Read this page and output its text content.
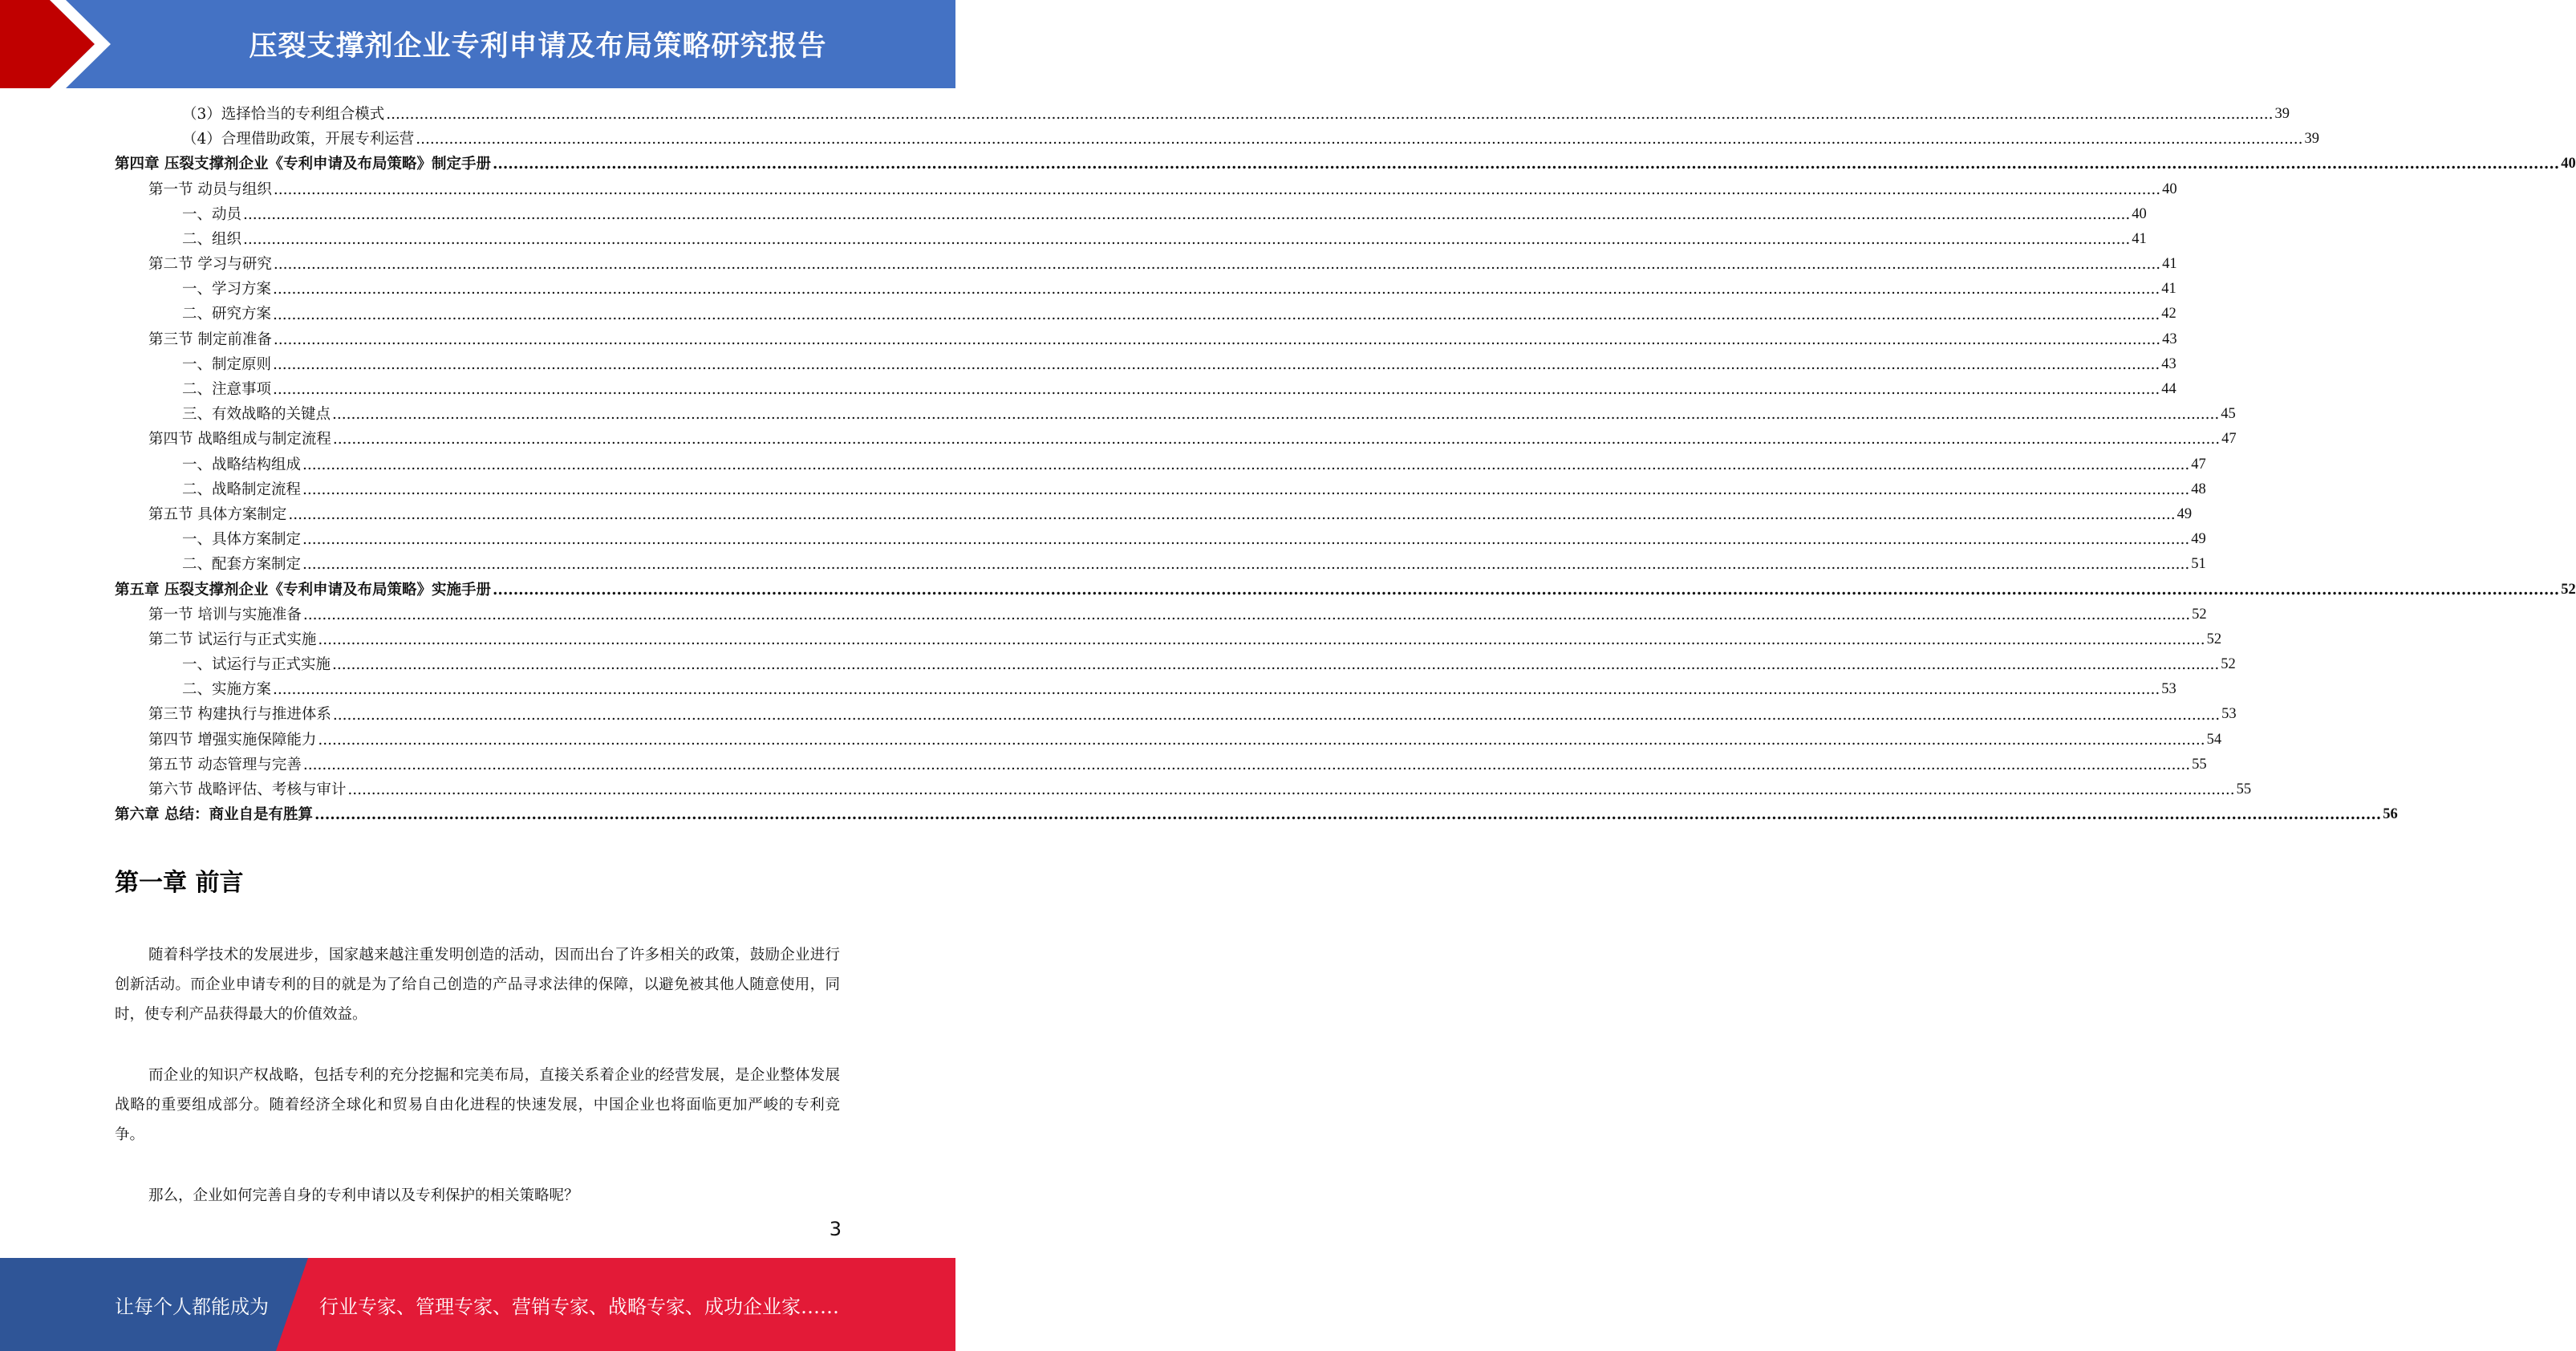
压裂支撑剂企业专利申请及布局策略研究报告
（3）选择恰当的专利组合模式 ................................................................................................................................................................................................................................................................................................................................................................................................................ 39
（4）合理借助政策，开展专利运营 ................................................................................................................................................................................................................................................................................................................................................................................................................ 39
第四章 压裂支撑剂企业《专利申请及布局策略》制定手册 ................................................................................................................................................................................................................................................................................................................................................................................................................ 40
第一节 动员与组织 ................................................................................................................................................................................................................................................................................................................................................................................................................ 40
一、动员 ................................................................................................................................................................................................................................................................................................................................................................................................................ 40
二、组织 ................................................................................................................................................................................................................................................................................................................................................................................................................ 41
第二节 学习与研究 ................................................................................................................................................................................................................................................................................................................................................................................................................ 41
一、学习方案 ................................................................................................................................................................................................................................................................................................................................................................................................................ 41
二、研究方案 ................................................................................................................................................................................................................................................................................................................................................................................................................ 42
第三节 制定前准备 ................................................................................................................................................................................................................................................................................................................................................................................................................ 43
一、制定原则 ................................................................................................................................................................................................................................................................................................................................................................................................................ 43
二、注意事项 ................................................................................................................................................................................................................................................................................................................................................................................................................ 44
三、有效战略的关键点 ................................................................................................................................................................................................................................................................................................................................................................................................................ 45
第四节 战略组成与制定流程 ................................................................................................................................................................................................................................................................................................................................................................................................................ 47
一、战略结构组成 ................................................................................................................................................................................................................................................................................................................................................................................................................ 47
二、战略制定流程 ................................................................................................................................................................................................................................................................................................................................................................................................................ 48
第五节 具体方案制定 ................................................................................................................................................................................................................................................................................................................................................................................................................ 49
一、具体方案制定 ................................................................................................................................................................................................................................................................................................................................................................................................................ 49
二、配套方案制定 ................................................................................................................................................................................................................................................................................................................................................................................................................ 51
第五章 压裂支撑剂企业《专利申请及布局策略》实施手册 ................................................................................................................................................................................................................................................................................................................................................................................................................ 52
第一节 培训与实施准备 ................................................................................................................................................................................................................................................................................................................................................................................................................ 52
第二节 试运行与正式实施 ................................................................................................................................................................................................................................................................................................................................................................................................................ 52
一、试运行与正式实施 ................................................................................................................................................................................................................................................................................................................................................................................................................ 52
二、实施方案 ................................................................................................................................................................................................................................................................................................................................................................................................................ 53
第三节 构建执行与推进体系 ................................................................................................................................................................................................................................................................................................................................................................................................................ 53
第四节 增强实施保障能力 ................................................................................................................................................................................................................................................................................................................................................................................................................ 54
第五节 动态管理与完善 ................................................................................................................................................................................................................................................................................................................................................................................................................ 55
第六节 战略评估、考核与审计 ................................................................................................................................................................................................................................................................................................................................................................................................................ 55
第六章 总结：商业自是有胜算 ................................................................................................................................................................................................................................................................................................................................................................................................................ 56
第一章 前言
随着科学技术的发展进步，国家越来越注重发明创造的活动，因而出台了许多相关的政策，鼓励企业进行创新活动。而企业申请专利的目的就是为了给自己创造的产品寻求法律的保障，以避免被其他人随意使用，同时，使专利产品获得最大的价值效益。
而企业的知识产权战略，包括专利的充分挖掘和完美布局，直接关系着企业的经营发展，是企业整体发展战略的重要组成部分。随着经济全球化和贸易自由化进程的快速发展，中国企业也将面临更加严峻的专利竞争。
那么，企业如何完善自身的专利申请以及专利保护的相关策略呢？
3
让每个人都能成为	行业专家、管理专家、营销专家、战略专家、成功企业家……
